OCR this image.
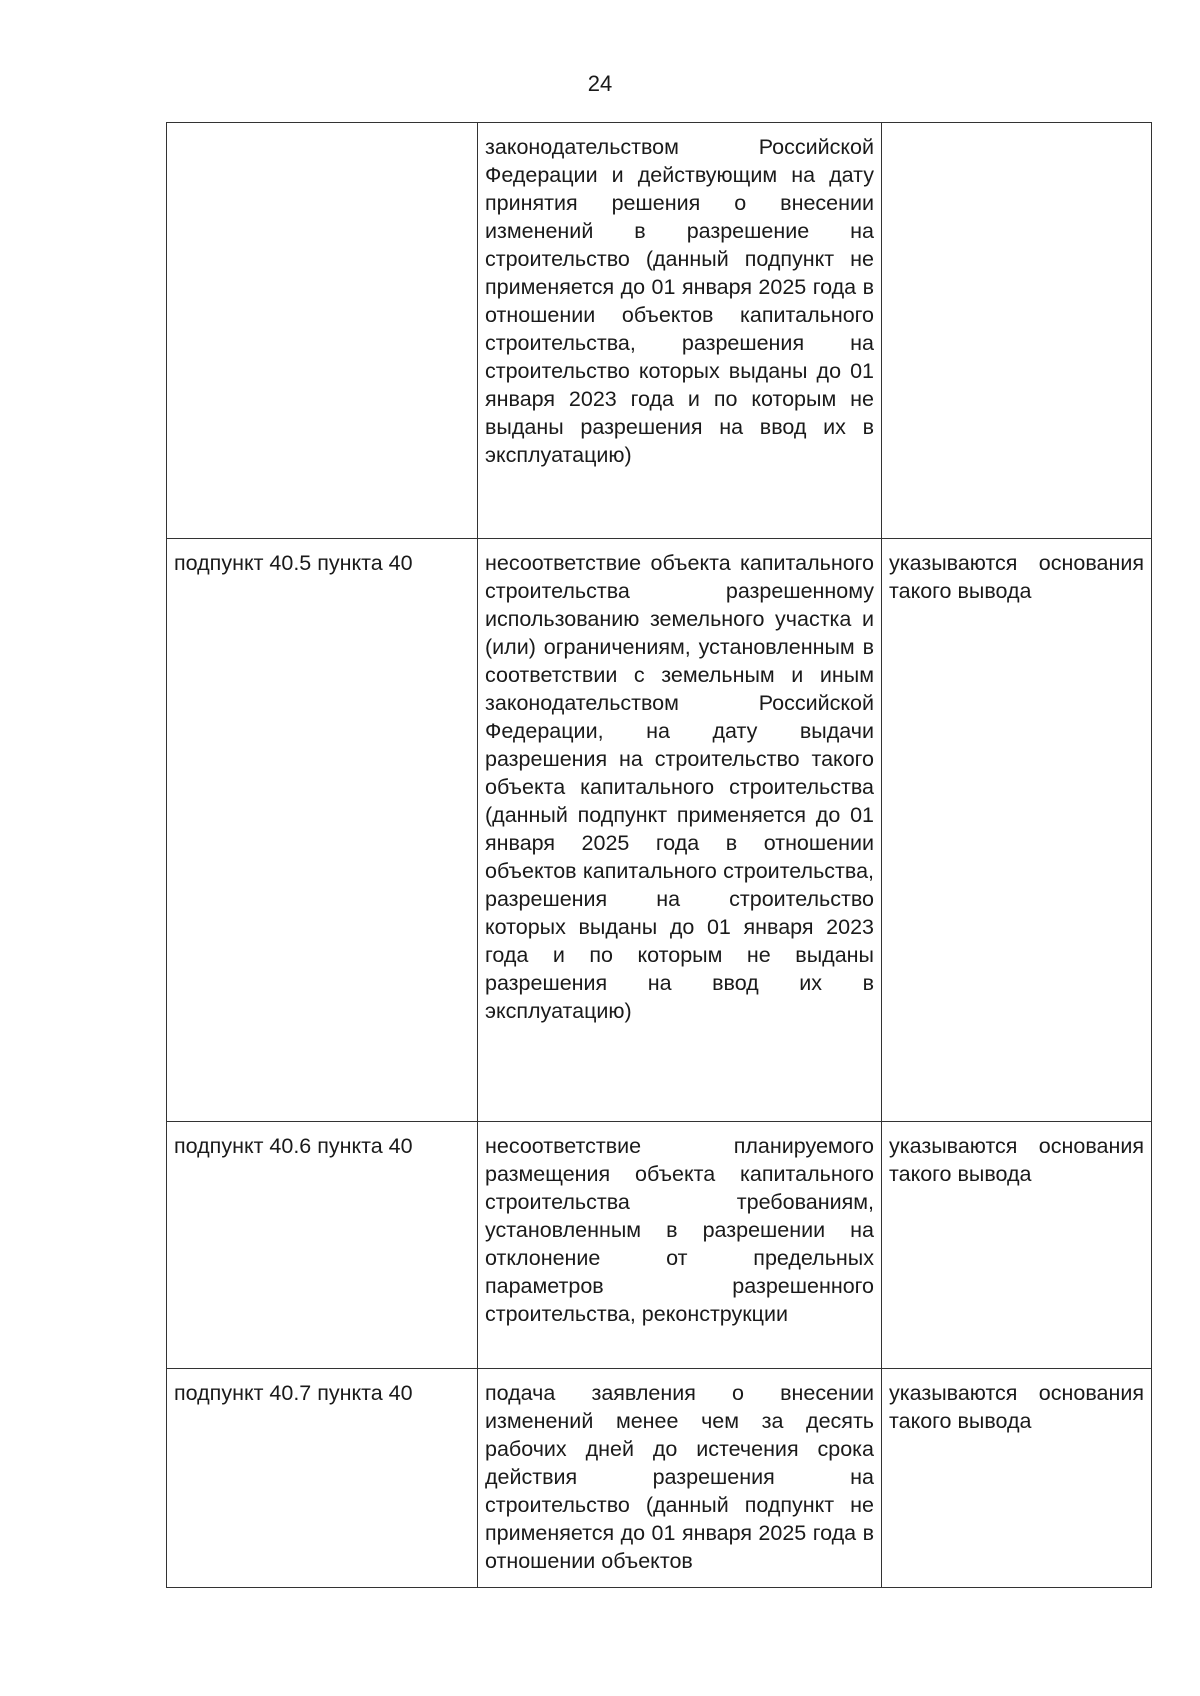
24

	законодательством Российской Федерации и действующим на дату принятия решения о внесении изменений в разрешение на строительство (данный подпункт не применяется до 01 января 2025 года в отношении объектов капитального строительства, разрешения на строительство которых выданы до 01 января 2023 года и по которым не выданы разрешения на ввод их в эксплуатацию)	

подпункт 40.5 пункта 40	несоответствие объекта капитального строительства разрешенному использованию земельного участка и (или) ограничениям, установленным в соответствии с земельным и иным законодательством Российской Федерации, на дату выдачи разрешения на строительство такого объекта капитального строительства (данный подпункт применяется до 01 января 2025 года в отношении объектов капитального строительства, разрешения на строительство которых выданы до 01 января 2023 года и по которым не выданы разрешения на ввод их в эксплуатацию)	указываются основания такого вывода

подпункт 40.6 пункта 40	несоответствие планируемого размещения объекта капитального строительства требованиям, установленным в разрешении на отклонение от предельных параметров разрешенного строительства, реконструкции	указываются основания такого вывода

подпункт 40.7 пункта 40	подача заявления о внесении изменений менее чем за десять рабочих дней до истечения срока действия разрешения на строительство (данный подпункт не применяется до 01 января 2025 года в отношении объектов	указываются основания такого вывода
